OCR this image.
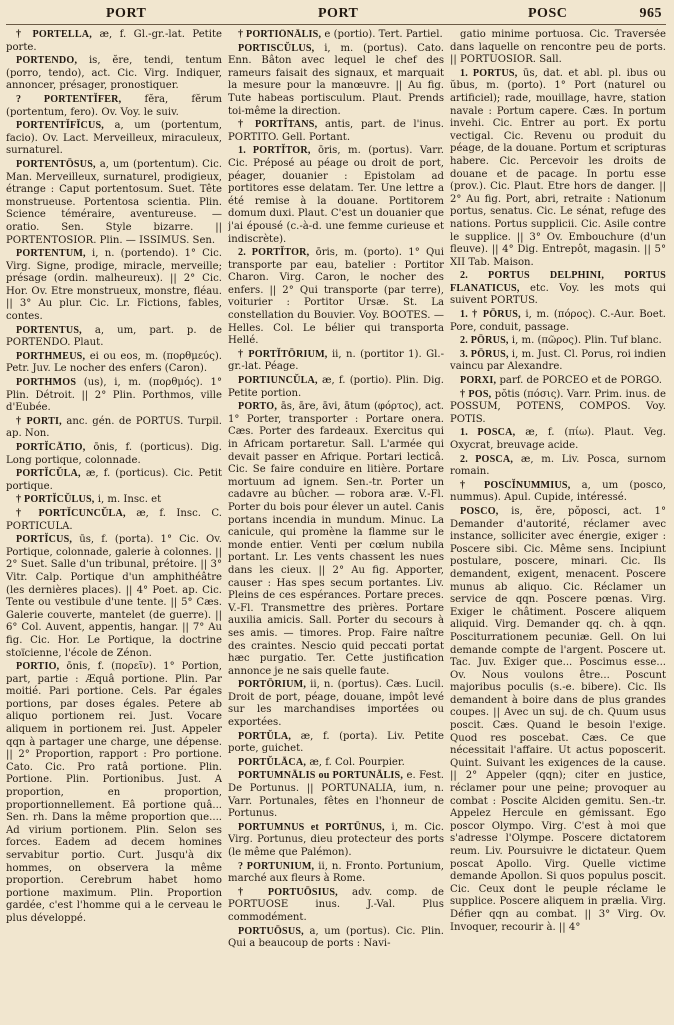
PORT	PORT	POSC	965

† PORTELLA, æ, f. Gl.-gr.-lat. Petite porte.

PORTENDO, is, ĕre, tendi, tentum (porro, tendo), act. Cic. Virg. Indiquer, annoncer, présager, pronostiquer.

? PORTENTĬFER, fĕra, fĕrum (portentum, fero). Ov. Voy. le suiv.

PORTENTĬFĬCUS, a, um (portentum, facio). Ov. Lact. Merveilleux, miraculeux, surnaturel.

PORTENTŌSUS, a, um (portentum). Cic. Man. Merveilleux, surnaturel, prodigieux, étrange : Caput portentosum. Suet. Tête monstrueuse. Portentosa scientia. Plin. Science téméraire, aventureuse. — oratio. Sen. Style bizarre. || PORTENTOSIOR. Plin. — ISSIMUS. Sen.

PORTENTUM, i, n. (portendo). 1° Cic. Virg. Signe, prodige, miracle, merveille; présage (ordin. malheureux). || 2° Cic. Hor. Ov. Etre monstrueux, monstre, fléau. || 3° Au plur. Cic. Lr. Fictions, fables, contes.

PORTENTUS, a, um, part. p. de PORTENDO. Plaut.

PORTHMEUS, ei ou eos, m. (πορθμεύς). Petr. Juv. Le nocher des enfers (Caron).

PORTHMOS (us), i, m. (πορθμός). 1° Plin. Détroit. || 2° Plin. Porthmos, ville d'Eubée.

† PORTI, anc. gén. de PORTUS. Turpil. ap. Non.

PORTĬCĀTIO, ōnis, f. (porticus). Dig. Long portique, colonnade.

PORTĬCŬLA, æ, f. (porticus). Cic. Petit portique.

† PORTĬCŬLUS, i, m. Insc. et

† PORTĬCUNCŬLA, æ, f. Insc. C. PORTICULA.

PORTĬCUS, ūs, f. (porta). 1° Cic. Ov. Portique, colonnade, galerie à colonnes. || 2° Suet. Salle d'un tribunal, prétoire. || 3° Vitr. Calp. Portique d'un amphithéâtre (les dernières places). || 4° Poet. ap. Cic. Tente ou vestibule d'une tente. || 5° Cæs. Galerie couverte, mantelet (de guerre). || 6° Col. Auvent, appentis, hangar. || 7° Au fig. Cic. Hor. Le Portique, la doctrine stoïcienne, l'école de Zénon.

PORTIO, ōnis, f. (πορεῖν). 1° Portion, part, partie : Æquâ portione. Plin. Par moitié. Pari portione. Cels. Par égales portions, par doses égales. Petere ab aliquo portionem rei. Just. Vocare aliquem in portionem rei. Just. Appeler qqn à partager une charge, une dépense. || 2° Proportion, rapport : Pro portione. Cato. Cic. Pro ratâ portione. Plin. Portione. Plin. Portionibus. Just. A proportion, en proportion, proportionnellement. Eâ portione quâ... Sen. rh. Dans la même proportion que.... Ad virium portionem. Plin. Selon ses forces. Eadem ad decem homines servabitur portio. Curt. Jusqu'à dix hommes, on observera la même proportion. Cerebrum habet homo portione maximum. Plin. Proportion gardée, c'est l'homme qui a le cerveau le plus développé.

† PORTIŌNĀLIS, e (portio). Tert. Partiel.

PORTISCŬLUS, i, m. (portus). Cato. Enn. Bâton avec lequel le chef des rameurs faisait des signaux, et marquait la mesure pour la manœuvre. || Au fig. Tute habeas portisculum. Plaut. Prends toi-même la direction.

† PORTĬTANS, antis, part. de l'inus. PORTITO. Gell. Portant.

1. PORTĬTOR, ōris, m. (portus). Varr. Cic. Préposé au péage ou droit de port, péager, douanier : Epistolam ad portitores esse delatam. Ter. Une lettre a été remise à la douane. Portitorem domum duxi. Plaut. C'est un douanier que j'ai épousé (c.-à-d. une femme curieuse et indiscrète).

2. PORTĬTOR, ōris, m. (porto). 1° Qui transporte par eau, batelier : Portitor Charon. Virg. Caron, le nocher des enfers. || 2° Qui transporte (par terre), voiturier : Portitor Ursæ. St. La constellation du Bouvier. Voy. BOOTES. — Helles. Col. Le bélier qui transporta Hellé.

† PORTĬTŌRIUM, ii, n. (portitor 1). Gl.-gr.-lat. Péage.

PORTIUNCŬLA, æ, f. (portio). Plin. Dig. Petite portion.

PORTO, ās, āre, āvi, ātum (φόρτος), act. 1° Porter, transporter : Portare onera. Cæs. Porter des fardeaux. Exercitus qui in Africam portaretur. Sall. L'armée qui devait passer en Afrique. Portari lecticâ. Cic. Se faire conduire en litière. Portare mortuum ad ignem. Sen.-tr. Porter un cadavre au bûcher. — robora aræ. V.-Fl. Porter du bois pour élever un autel. Canis portans incendia in mundum. Minuc. La canicule, qui promène la flamme sur le monde entier. Venti per cœlum nubila portant. Lr. Les vents chassent les nues dans les cieux. || 2° Au fig. Apporter, causer : Has spes secum portantes. Liv. Pleins de ces espérances. Portare preces. V.-Fl. Transmettre des prières. Portare auxilia amicis. Sall. Porter du secours à ses amis. — timores. Prop. Faire naître des craintes. Nescio quid peccati portat hæc purgatio. Ter. Cette justification annonce je ne sais quelle faute.

PORTŌRIUM, ii, n. (portus). Cæs. Lucil. Droit de port, péage, douane, impôt levé sur les marchandises importées ou exportées.

PORTŬLA, æ, f. (porta). Liv. Petite porte, guichet.

PORTŬLĀCA, æ, f. Col. Pourpier.

PORTUMNĀLIS ou PORTUNĀLIS, e. Fest. De Portunus. || PORTUNALIA, ium, n. Varr. Portunales, fêtes en l'honneur de Portunus.

PORTUMNUS et PORTŪNUS, i, m. Cic. Virg. Portunus, dieu protecteur des ports (le même que Palémon).

? PORTUNIUM, ii, n. Fronto. Portunium, marché aux fleurs à Rome.

† PORTUŌSIUS, adv. comp. de PORTUOSE inus. J.-Val. Plus commodément.

PORTUŌSUS, a, um (portus). Cic. Plin. Qui a beaucoup de ports : Navi-

gatio minime portuosa. Cic. Traversée dans laquelle on rencontre peu de ports. || PORTUOSIOR. Sall.

1. PORTUS, ūs, dat. et abl. pl. ibus ou ŭbus, m. (porto). 1° Port (naturel ou artificiel); rade, mouillage, havre, station navale : Portum capere. Cæs. In portum invehi. Cic. Entrer au port. Ex portu vectigal. Cic. Revenu ou produit du péage, de la douane. Portum et scripturas habere. Cic. Percevoir les droits de douane et de pacage. In portu esse (prov.). Cic. Plaut. Etre hors de danger. || 2° Au fig. Port, abri, retraite : Nationum portus, senatus. Cic. Le sénat, refuge des nations. Portus supplicii. Cic. Asile contre le supplice. || 3° Ov. Embouchure (d'un fleuve). || 4° Dig. Entrepôt, magasin. || 5° XII Tab. Maison.

2. PORTUS DELPHINI, PORTUS FLANATICUS, etc. Voy. les mots qui suivent PORTUS.

1. † PŌRUS, i, m. (πόρος). C.-Aur. Boet. Pore, conduit, passage.

2. PŌRUS, i, m. (πῶρος). Plin. Tuf blanc.

3. PŌRUS, i, m. Just. Cl. Porus, roi indien vaincu par Alexandre.

PORXI, parf. de PORCEO et de PORGO.

† POS, pŏtis (πόσις). Varr. Prim. inus. de POSSUM, POTENS, COMPOS. Voy. POTIS.

1. POSCA, æ, f. (πίω). Plaut. Veg. Oxycrat, breuvage acide.

2. POSCA, æ, m. Liv. Posca, surnom romain.

† POSCĬNUMMIUS, a, um (posco, nummus). Apul. Cupide, intéressé.

POSCO, is, ĕre, pŏposci, act. 1° Demander d'autorité, réclamer avec instance, solliciter avec énergie, exiger : Poscere sibi. Cic. Même sens. Incipiunt postulare, poscere, minari. Cic. Ils demandent, exigent, menacent. Poscere munus ab aliquo. Cic. Réclamer un service de qqn. Poscere pœnas. Virg. Exiger le châtiment. Poscere aliquem aliquid. Virg. Demander qq. ch. à qqn. Posciturrationem pecuniæ. Gell. On lui demande compte de l'argent. Poscere ut. Tac. Juv. Exiger que... Poscimus esse... Ov. Nous voulons être... Poscunt majoribus poculis (s.-e. bibere). Cic. Ils demandent à boire dans de plus grandes coupes. || Avec un suj. de ch. Quum usus poscit. Cæs. Quand le besoin l'exige. Quod res poscebat. Cæs. Ce que nécessitait l'affaire. Ut actus poposcerit. Quint. Suivant les exigences de la cause. || 2° Appeler (qqn); citer en justice, réclamer pour une peine; provoquer au combat : Poscite Alciden gemitu. Sen.-tr. Appelez Hercule en gémissant. Ego poscor Olympo. Virg. C'est à moi que s'adresse l'Olympe. Poscere dictatorem reum. Liv. Poursuivre le dictateur. Quem poscat Apollo. Virg. Quelle victime demande Apollon. Si quos populus poscit. Cic. Ceux dont le peuple réclame le supplice. Poscere aliquem in prælia. Virg. Défier qqn au combat. || 3° Virg. Ov. Invoquer, recourir à. || 4°
